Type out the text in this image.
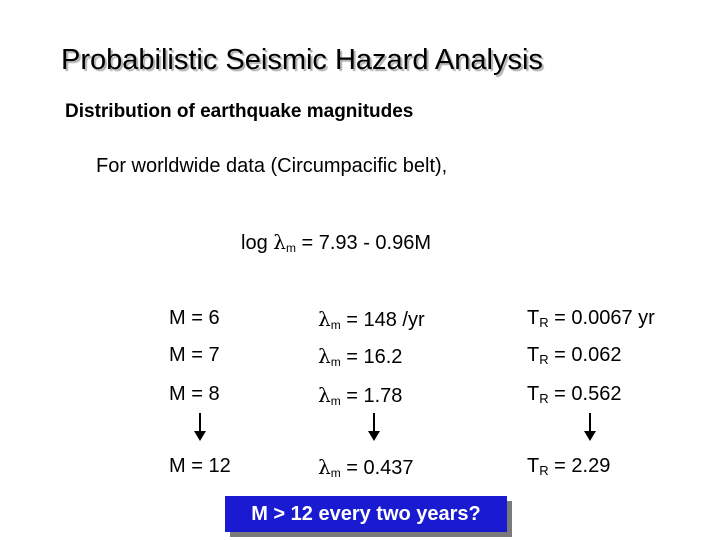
Probabilistic Seismic Hazard Analysis
Distribution of earthquake magnitudes
For worldwide data (Circumpacific belt),
log λm = 7.93 - 0.96M
M = 6	λm = 148 /yr	TR = 0.0067 yr
M = 7	λm = 16.2	TR = 0.062
M = 8	λm = 1.78	TR = 0.562
M = 12	λm = 0.437	TR = 2.29
M > 12 every two years?
